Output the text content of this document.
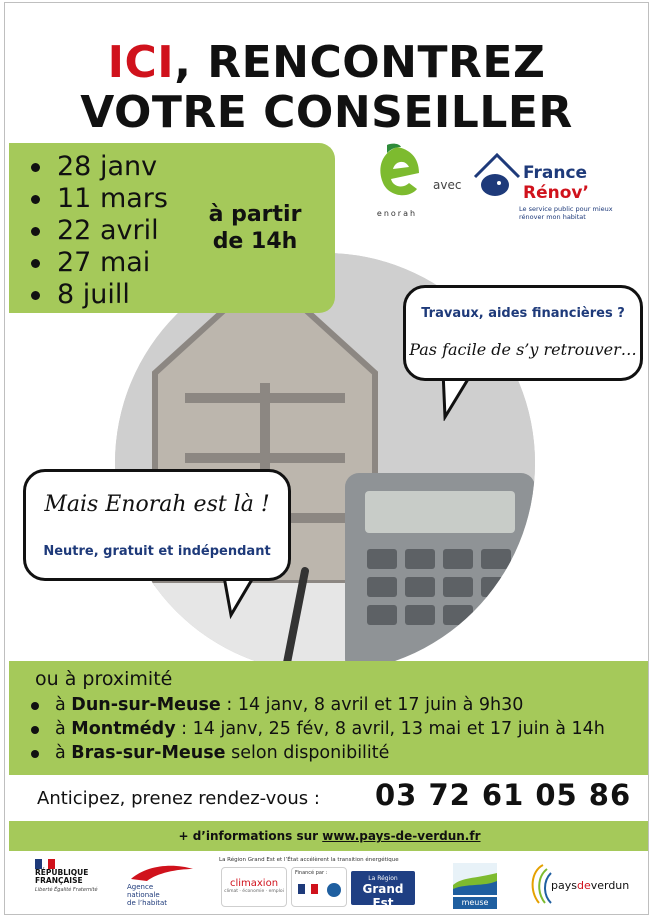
ICI, RENCONTREZ
VOTRE CONSEILLER
28 janv
11 mars
22 avril
27 mai
8 juill
à partir
de 14h
enorah
avec
France
Rénov’
Le service public pour mieux rénover mon habitat
Travaux, aides financières ?
Pas facile de s’y retrouver…
Mais Enorah est là !
Neutre, gratuit et indépendant
ou à proximité
à Dun-sur-Meuse : 14 janv, 8 avril et 17 juin à 9h30
à Montmédy : 14 janv, 25 fév, 8 avril, 13 mai et 17 juin à 14h
à Bras-sur-Meuse selon disponibilité
Anticipez, prenez rendez-vous : 03 72 61 05 86
+ d’informations sur www.pays-de-verdun.fr
La Région Grand Est et l’État accélèrent la transition énergétique
RÉPUBLIQUE
FRANÇAISE
Liberté Égalité Fraternité	Agence
nationale
de l’habitat
climaxion
climat · économie · emploi
Financé par :
La Région
Grand Est	meuse
paysdeverdun
